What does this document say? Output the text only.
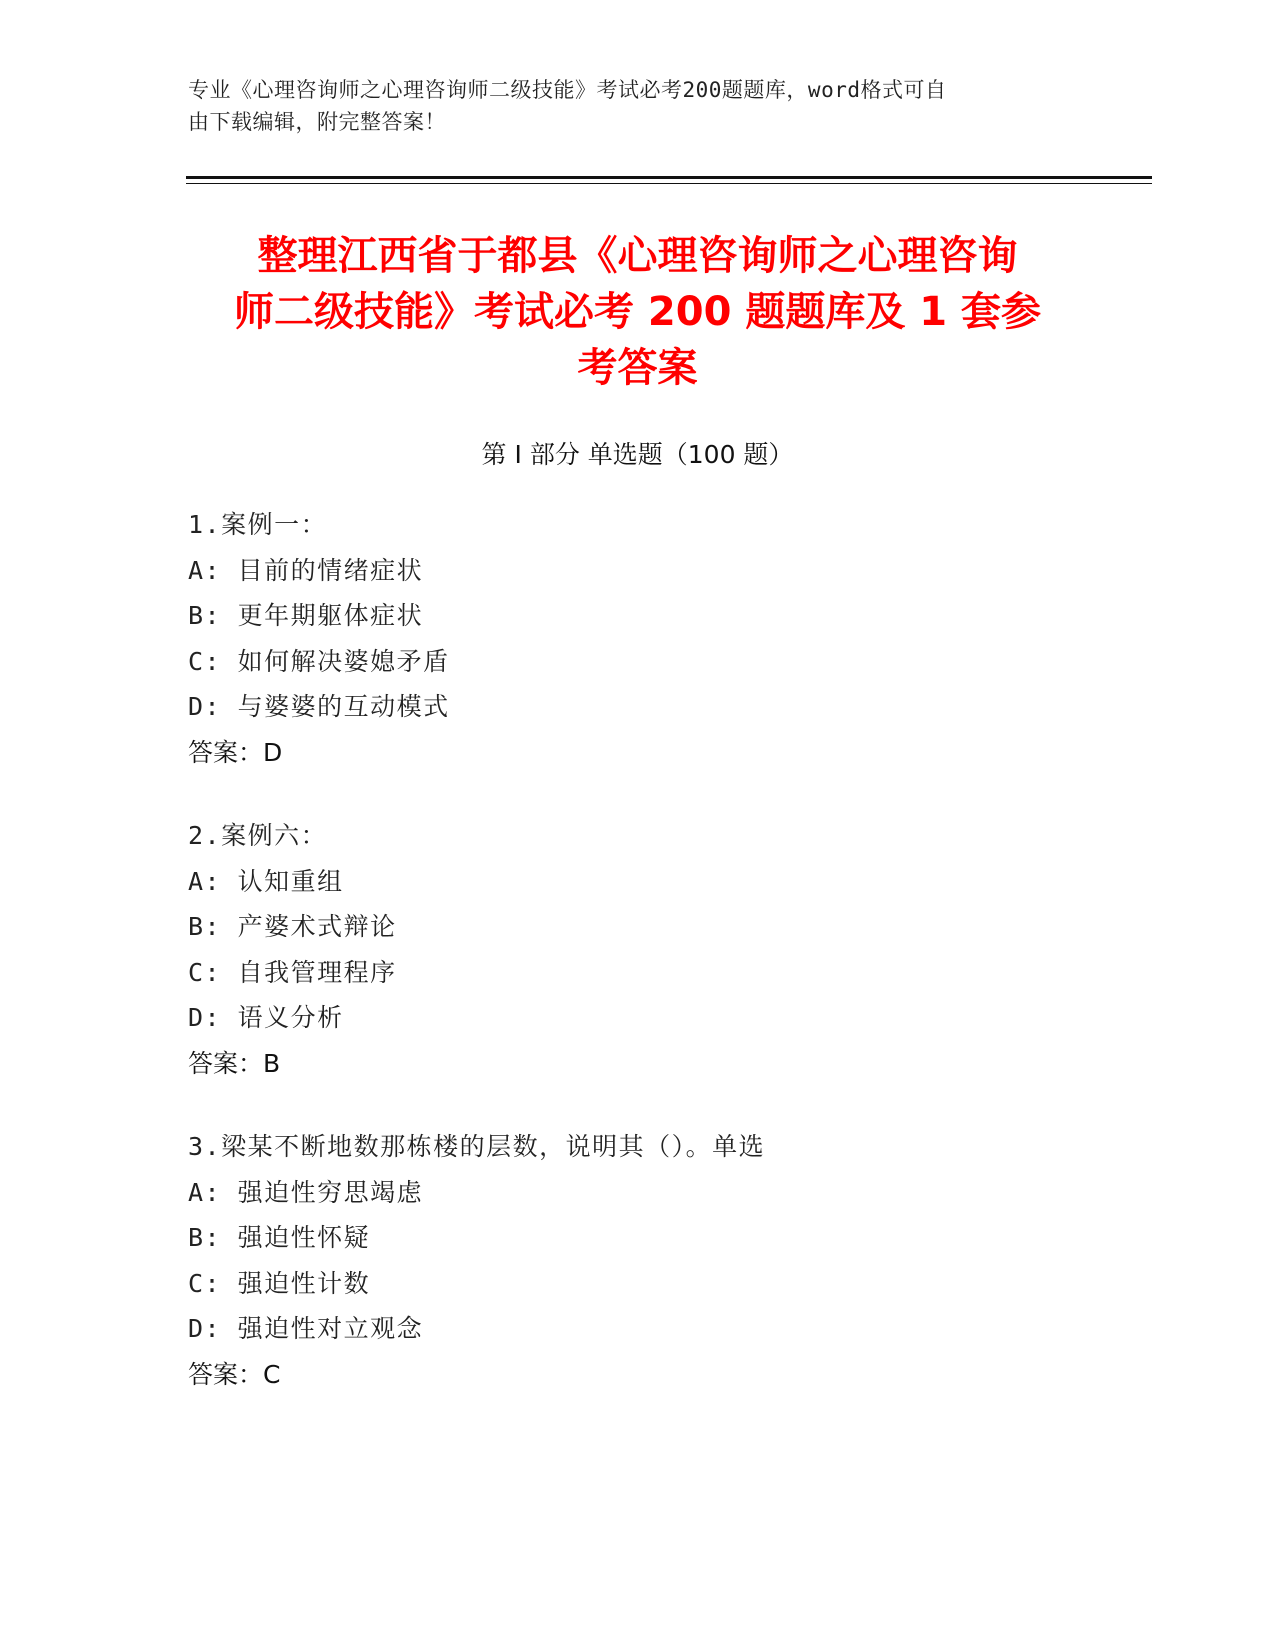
专业《心理咨询师之心理咨询师二级技能》考试必考200题题库，word格式可自
由下载编辑，附完整答案！
整理江西省于都县《心理咨询师之心理咨询
师二级技能》考试必考 200 题题库及 1 套参
考答案
第 I 部分 单选题（100 题）
1.案例一：
A: 目前的情绪症状
B: 更年期躯体症状
C: 如何解决婆媳矛盾
D: 与婆婆的互动模式
答案：D
2.案例六：
A: 认知重组
B: 产婆术式辩论
C: 自我管理程序
D: 语义分析
答案：B
3.梁某不断地数那栋楼的层数，说明其（）。单选
A: 强迫性穷思竭虑
B: 强迫性怀疑
C: 强迫性计数
D: 强迫性对立观念
答案：C
